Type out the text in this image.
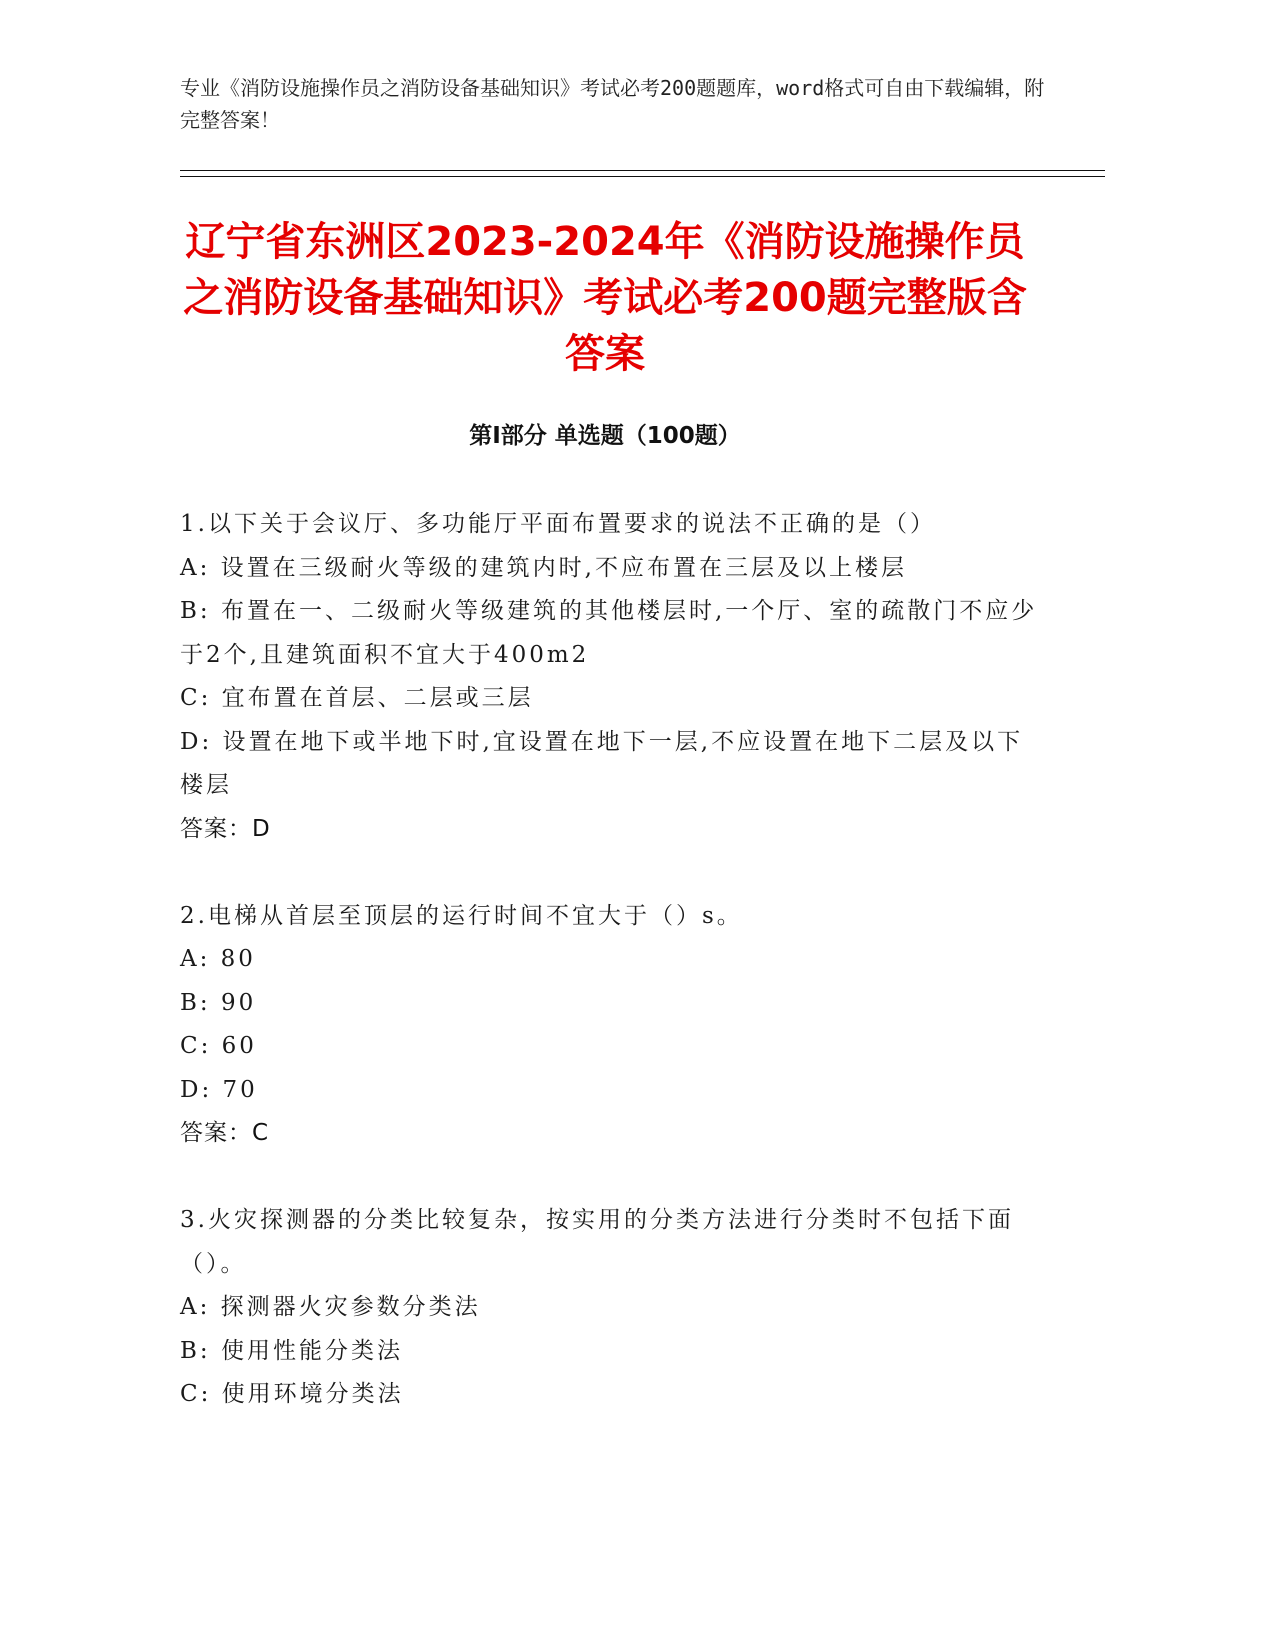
专业《消防设施操作员之消防设备基础知识》考试必考200题题库，word格式可自由下载编辑，附完整答案！
辽宁省东洲区2023-2024年《消防设施操作员之消防设备基础知识》考试必考200题完整版含答案
第I部分 单选题（100题）
1.以下关于会议厅、多功能厅平面布置要求的说法不正确的是（）
A: 设置在三级耐火等级的建筑内时,不应布置在三层及以上楼层
B: 布置在一、二级耐火等级建筑的其他楼层时,一个厅、室的疏散门不应少于2个,且建筑面积不宜大于400m2
C: 宜布置在首层、二层或三层
D: 设置在地下或半地下时,宜设置在地下一层,不应设置在地下二层及以下楼层
答案：D
2.电梯从首层至顶层的运行时间不宜大于（）s。
A: 80
B: 90
C: 60
D: 70
答案：C
3.火灾探测器的分类比较复杂，按实用的分类方法进行分类时不包括下面（）。
A: 探测器火灾参数分类法
B: 使用性能分类法
C: 使用环境分类法
